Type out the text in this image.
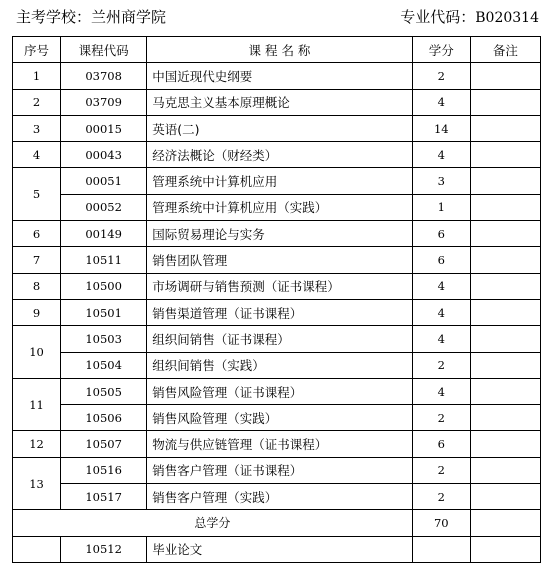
主考学校：兰州商学院	专业代码：B020314
序号	课程代码	课 程 名 称	学分	备注
1	03708	中国近现代史纲要	2	
2	03709	马克思主义基本原理概论	4	
3	00015	英语(二)	14	
4	00043	经济法概论（财经类）	4	
5	00051	管理系统中计算机应用	3	
	00052	管理系统中计算机应用（实践）	1	
6	00149	国际贸易理论与实务	6	
7	10511	销售团队管理	6	
8	10500	市场调研与销售预测（证书课程）	4	
9	10501	销售渠道管理（证书课程）	4	
10	10503	组织间销售（证书课程）	4	
	10504	组织间销售（实践）	2	
11	10505	销售风险管理（证书课程）	4	
	10506	销售风险管理（实践）	2	
12	10507	物流与供应链管理（证书课程）	6	
13	10516	销售客户管理（证书课程）	2	
	10517	销售客户管理（实践）	2	
总学分			70	
	10512	毕业论文		
